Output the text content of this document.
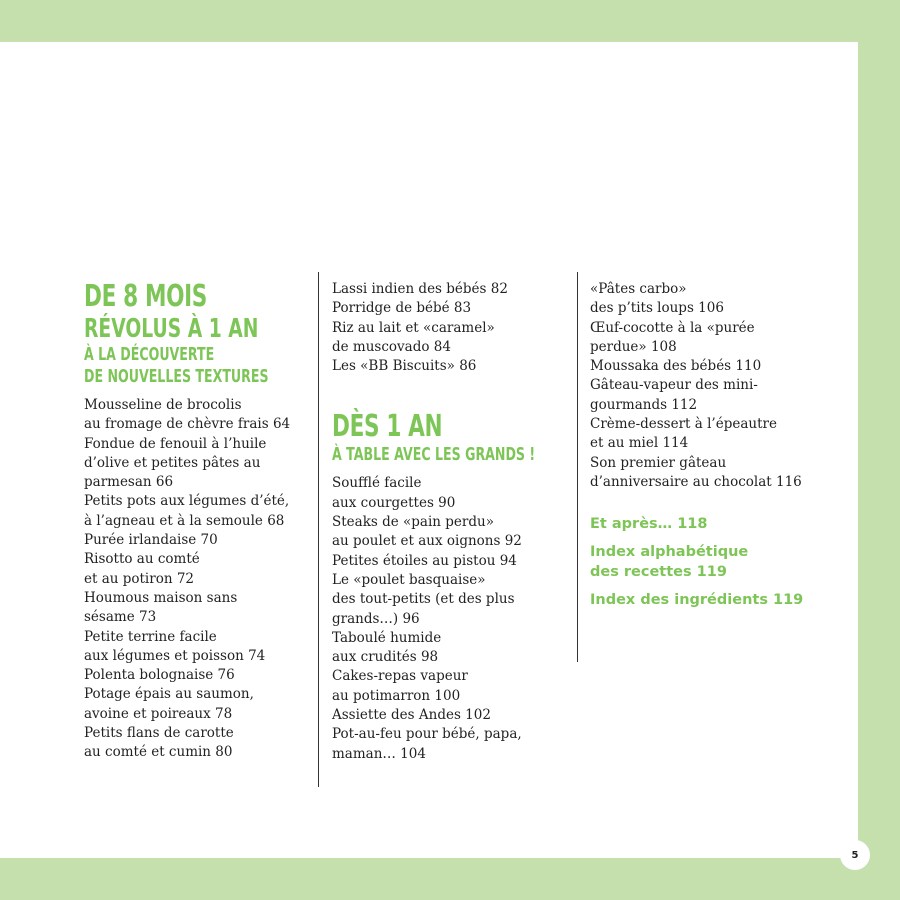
5
DE 8 MOIS
RÉVOLUS À 1 AN
À LA DÉCOUVERTE
DE NOUVELLES TEXTURES
Mousseline de brocolis
au fromage de chèvre frais 64
Fondue de fenouil à l’huile
d’olive et petites pâtes au
parmesan 66
Petits pots aux légumes d’été,
à l’agneau et à la semoule 68
Purée irlandaise 70
Risotto au comté
et au potiron 72
Houmous maison sans
sésame 73
Petite terrine facile
aux légumes et poisson 74
Polenta bolognaise 76
Potage épais au saumon,
avoine et poireaux 78
Petits flans de carotte
au comté et cumin 80
Lassi indien des bébés 82
Porridge de bébé 83
Riz au lait et «caramel»
de muscovado 84
Les «BB Biscuits» 86
DÈS 1 AN
À TABLE AVEC LES GRANDS !
Soufflé facile
aux courgettes 90
Steaks de «pain perdu»
au poulet et aux oignons 92
Petites étoiles au pistou 94
Le «poulet basquaise»
des tout-petits (et des plus
grands…) 96
Taboulé humide
aux crudités 98
Cakes-repas vapeur
au potimarron 100
Assiette des Andes 102
Pot-au-feu pour bébé, papa,
maman… 104
«Pâtes carbo»
des p’tits loups 106
Œuf-cocotte à la «purée
perdue» 108
Moussaka des bébés 110
Gâteau-vapeur des mini-
gourmands 112
Crème-dessert à l’épeautre
et au miel 114
Son premier gâteau
d’anniversaire au chocolat 116
Et après… 118
Index alphabétique
des recettes 119
Index des ingrédients 119
